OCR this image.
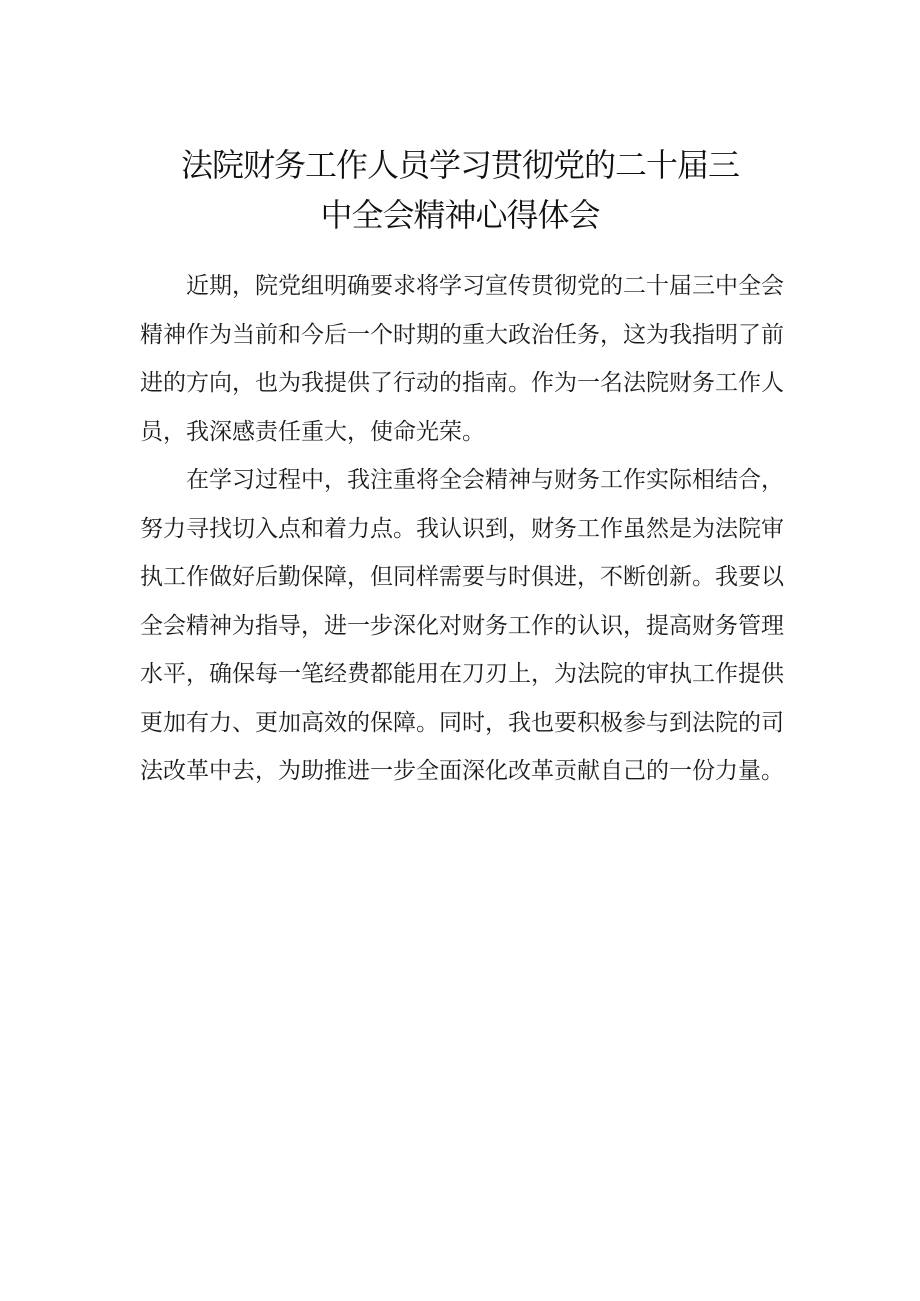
法院财务工作人员学习贯彻党的二十届三
中全会精神心得体会
近期，院党组明确要求将学习宣传贯彻党的二十届三中全会
精神作为当前和今后一个时期的重大政治任务，这为我指明了前
进的方向，也为我提供了行动的指南。作为一名法院财务工作人
员，我深感责任重大，使命光荣。
在学习过程中，我注重将全会精神与财务工作实际相结合，
努力寻找切入点和着力点。我认识到，财务工作虽然是为法院审
执工作做好后勤保障，但同样需要与时俱进，不断创新。我要以
全会精神为指导，进一步深化对财务工作的认识，提高财务管理
水平，确保每一笔经费都能用在刀刃上，为法院的审执工作提供
更加有力、更加高效的保障。同时，我也要积极参与到法院的司
法改革中去，为助推进一步全面深化改革贡献自己的一份力量。
